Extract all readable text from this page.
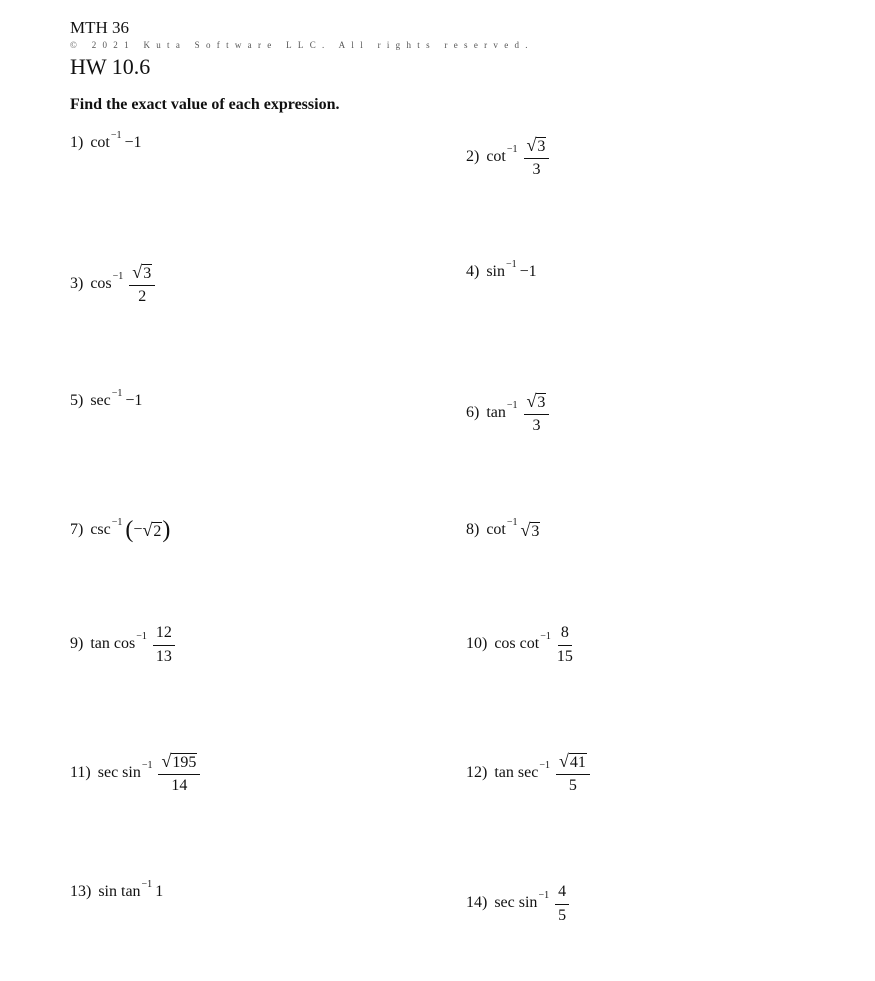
MTH 36
© 2021 Kuta Software LLC. All rights reserved.
HW 10.6
Find the exact value of each expression.
1) cot −1 −1
2) $\cot -1 \frac{√ 3}{3}$
3) $\cos -1 \frac{√ 3}{2}$	4) sin −1 −1
5) sec −1 −1
6) $\tan -1 \frac{√ 3}{3}$
7) csc −1 ( − √ 2 )	8) cot −1 √ 3
9) $\tan \cos -1 \frac{12}{13}$	10) $\cos \cot -1 \frac{8}{15}$
11) $\sec \sin -1 \frac{√ 195}{14}$	12) $\tan \sec -1 \frac{√ 41}{5}$
13) sin tan −1 1
14) $\sec \sin -1 \frac{4}{5}$
